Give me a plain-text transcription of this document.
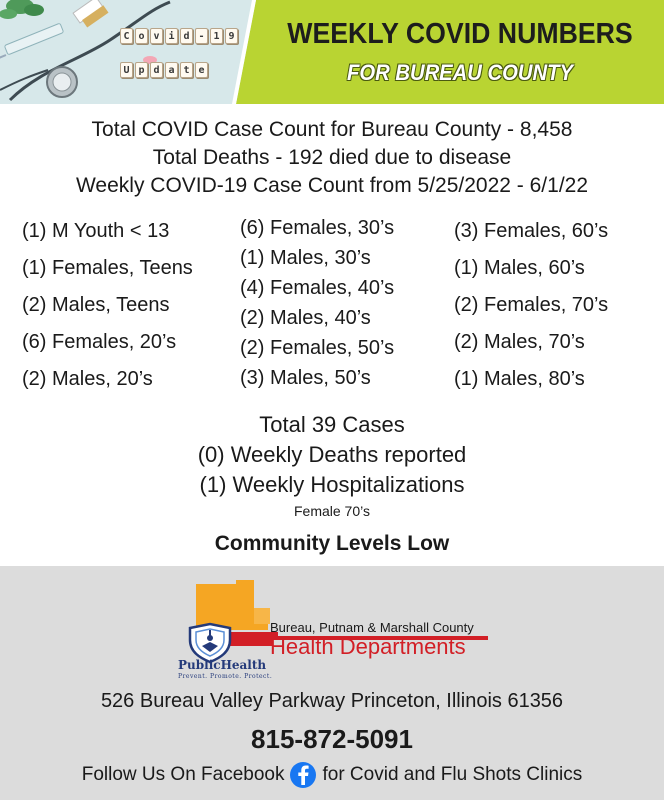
C o v i d - 1 9
U p d a t e
WEEKLY COVID NUMBERS
FOR BUREAU COUNTY
Total COVID Case Count for Bureau County - 8,458
Total Deaths - 192 died due to disease
Weekly COVID-19 Case Count from 5/25/2022 - 6/1/22
(1) M Youth < 13
(1) Females, Teens
(2) Males, Teens
(6) Females, 20’s
(2) Males, 20’s
(6) Females, 30’s
(1) Males, 30’s
(4) Females, 40’s
(2) Males, 40’s
(2) Females, 50’s
(3) Males, 50’s
(3) Females, 60’s
(1) Males, 60’s
(2) Females, 70’s
(2) Males, 70’s
(1) Males, 80’s
Total 39 Cases
(0) Weekly Deaths reported
(1) Weekly Hospitalizations
Female 70’s
Community Levels Low
Bureau, Putnam & Marshall County
Health Departments
PublicHealth
Prevent. Promote. Protect.
526 Bureau Valley Parkway Princeton, Illinois 61356
815-872-5091
Follow Us On Facebook for Covid and Flu Shots Clinics
